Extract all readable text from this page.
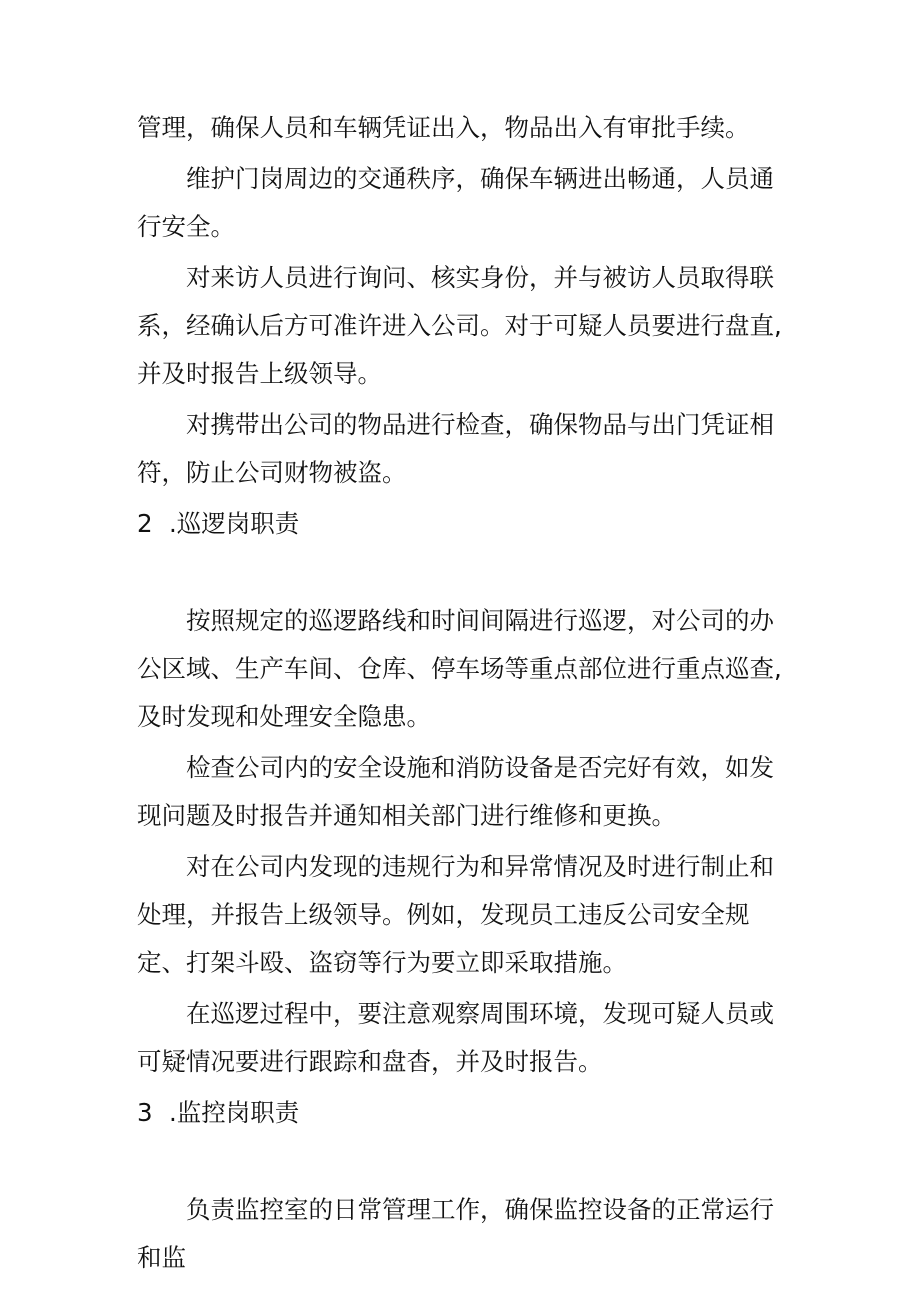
管理，确保人员和车辆凭证出入，物品出入有审批手续。

维护门岗周边的交通秩序，确保车辆进出畅通，人员通行安全。

对来访人员进行询问、核实身份，并与被访人员取得联系，经确认后方可准许进入公司。对于可疑人员要进行盘直,并及时报告上级领导。

对携带出公司的物品进行检查，确保物品与出门凭证相符，防止公司财物被盗。

2 .巡逻岗职责

按照规定的巡逻路线和时间间隔进行巡逻，对公司的办公区域、生产车间、仓库、停车场等重点部位进行重点巡查,及时发现和处理安全隐患。

检查公司内的安全设施和消防设备是否完好有效，如发现问题及时报告并通知相关部门进行维修和更换。

对在公司内发现的违规行为和异常情况及时进行制止和处理，并报告上级领导。例如，发现员工违反公司安全规定、打架斗殴、盗窃等行为要立即采取措施。

在巡逻过程中，要注意观察周围环境，发现可疑人员或可疑情况要进行跟踪和盘杳，并及时报告。

3 .监控岗职责

负责监控室的日常管理工作，确保监控设备的正常运行和监
